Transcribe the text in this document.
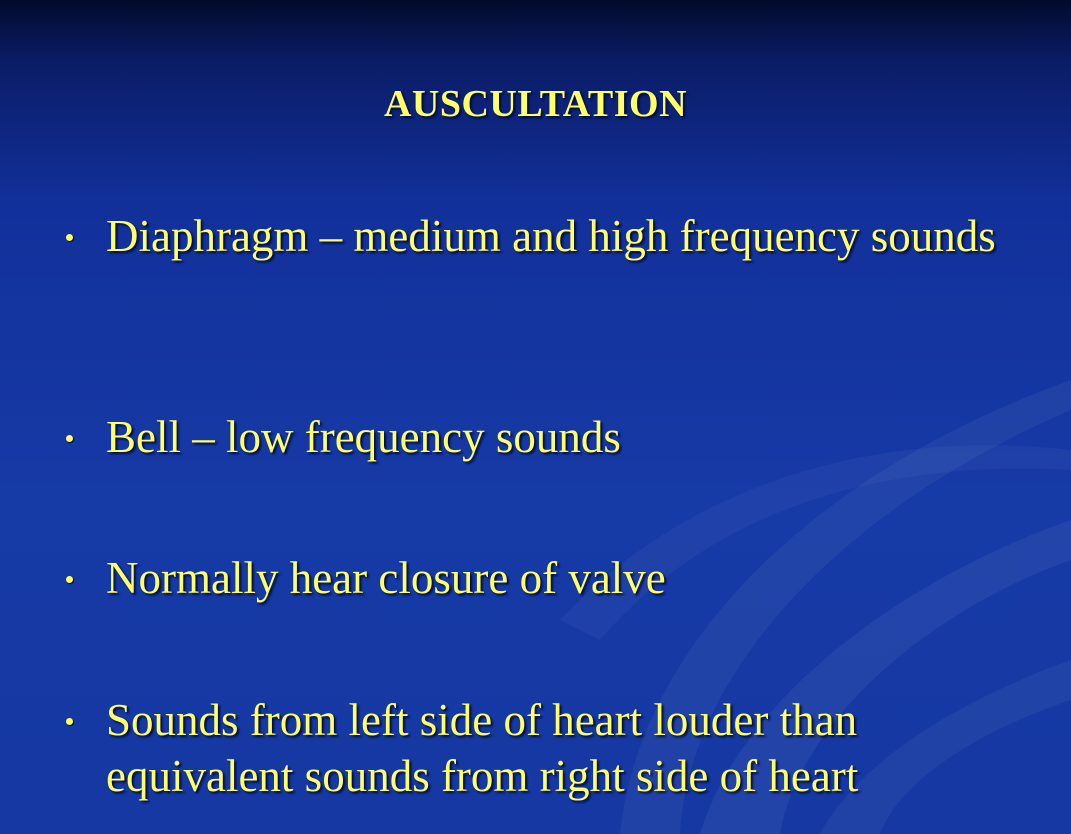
AUSCULTATION
Diaphragm – medium and high frequency sounds
Bell – low frequency sounds
Normally hear closure of valve
Sounds from left side of heart louder than equivalent sounds from right side of heart
